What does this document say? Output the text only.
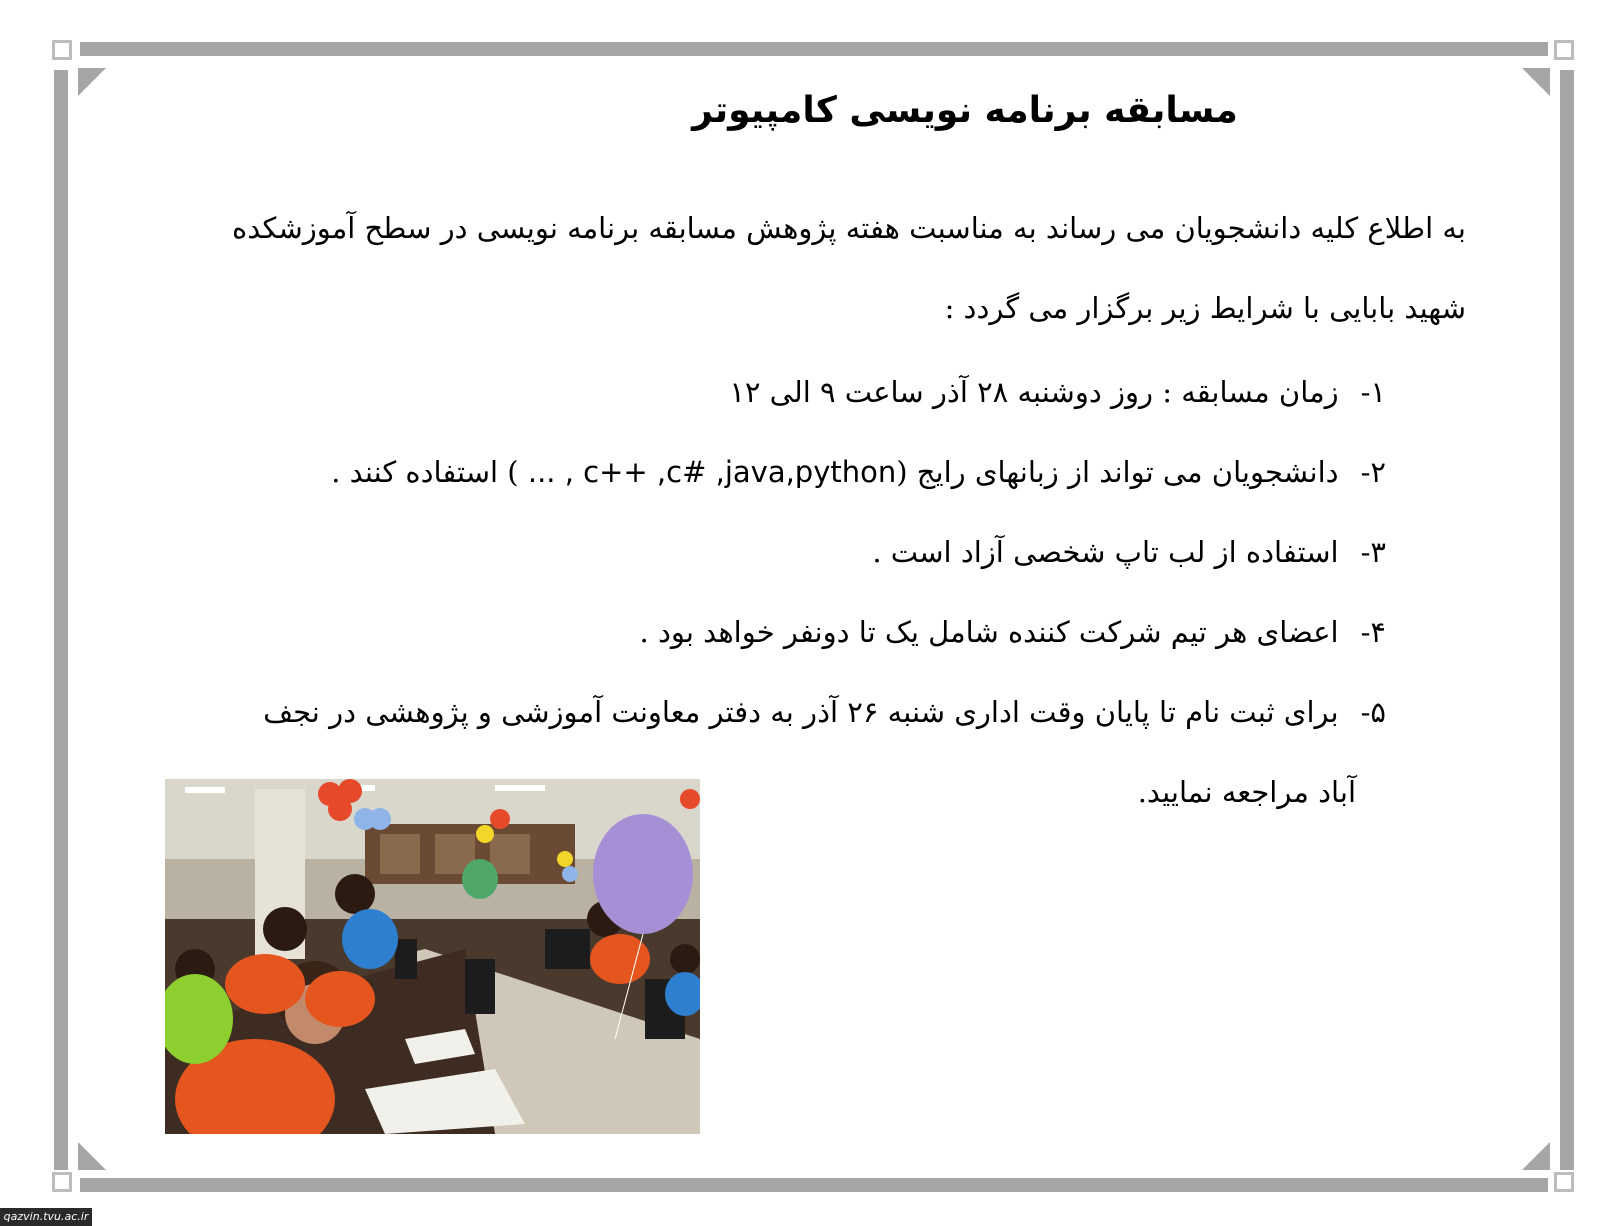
مسابقه برنامه نویسی کامپیوتر

به اطلاع کلیه دانشجویان می رساند به مناسبت هفته پژوهش مسابقه برنامه نویسی در سطح آموزشکده

شهید بابایی با شرایط زیر برگزار می گردد :

۱-زمان مسابقه : روز دوشنبه ۲۸ آذر ساعت ۹ الی ۱۲
۲-دانشجویان می تواند از زبانهای رایج ( ... , c++ ,c# ,java,python) استفاده کنند .
۳-استفاده از لب تاپ شخصی آزاد است .
۴-اعضای هر تیم شرکت کننده شامل یک تا دونفر خواهد بود .
۵-برای ثبت نام تا پایان وقت اداری شنبه ۲۶ آذر به دفتر معاونت آموزشی و پژوهشی در نجف
آباد مراجعه نمایید.
qazvin.tvu.ac.ir
